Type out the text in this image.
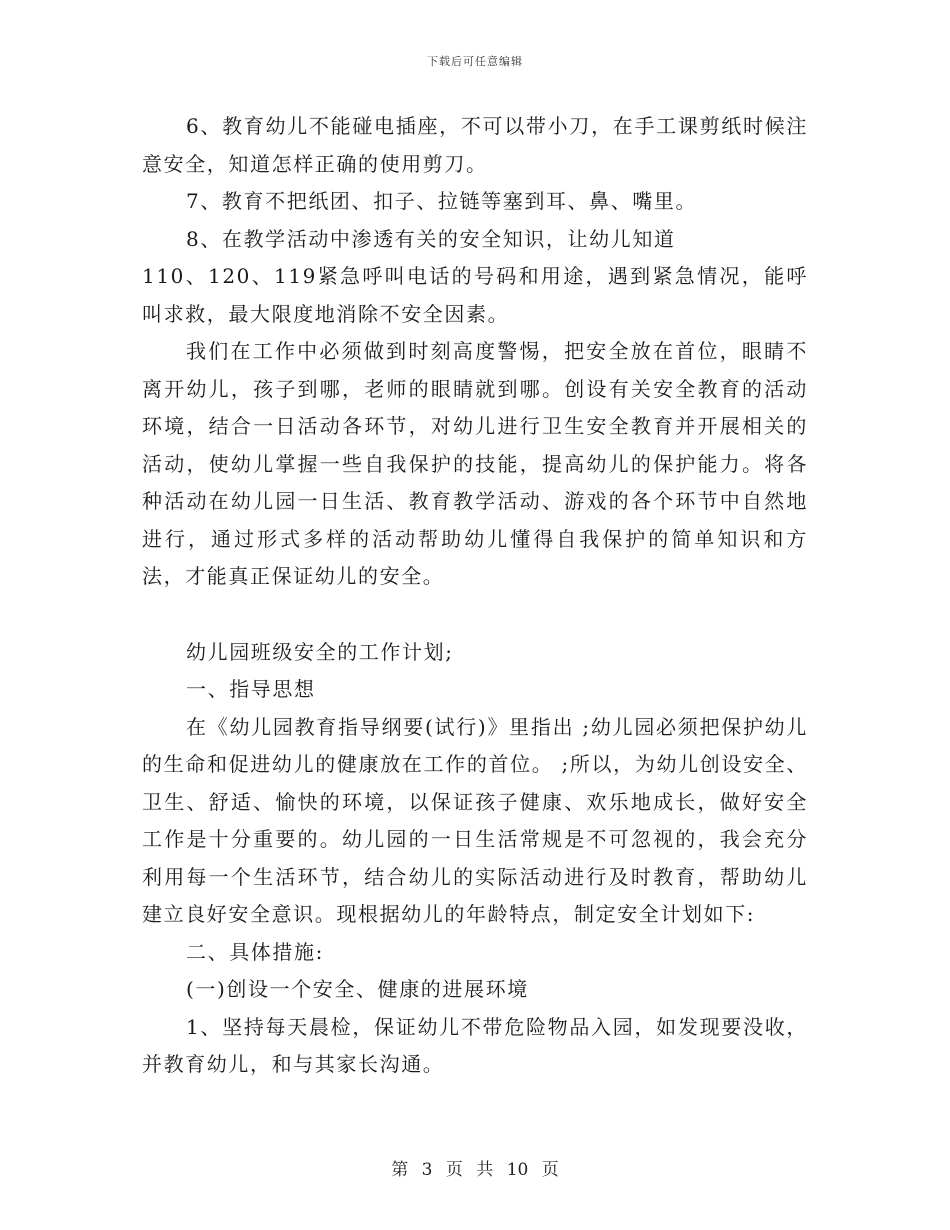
下载后可任意编辑

6、教育幼儿不能碰电插座，不可以带小刀，在手工课剪纸时候注意安全，知道怎样正确的使用剪刀。

7、教育不把纸团、扣子、拉链等塞到耳、鼻、嘴里。

8、在教学活动中渗透有关的安全知识，让幼儿知道

110、120、119紧急呼叫电话的号码和用途，遇到紧急情况，能呼叫求救，最大限度地消除不安全因素。

我们在工作中必须做到时刻高度警惕，把安全放在首位，眼睛不离开幼儿，孩子到哪，老师的眼睛就到哪。创设有关安全教育的活动环境，结合一日活动各环节，对幼儿进行卫生安全教育并开展相关的活动，使幼儿掌握一些自我保护的技能，提高幼儿的保护能力。将各种活动在幼儿园一日生活、教育教学活动、游戏的各个环节中自然地进行，通过形式多样的活动帮助幼儿懂得自我保护的简单知识和方法，才能真正保证幼儿的安全。

幼儿园班级安全的工作计划;

一、指导思想

在《幼儿园教育指导纲要(试行)》里指出 ;幼儿园必须把保护幼儿的生命和促进幼儿的健康放在工作的首位。 ;所以，为幼儿创设安全、卫生、舒适、愉快的环境，以保证孩子健康、欢乐地成长，做好安全工作是十分重要的。幼儿园的一日生活常规是不可忽视的，我会充分利用每一个生活环节，结合幼儿的实际活动进行及时教育，帮助幼儿建立良好安全意识。现根据幼儿的年龄特点，制定安全计划如下:

二、具体措施:

(一)创设一个安全、健康的进展环境

1、坚持每天晨检，保证幼儿不带危险物品入园，如发现要没收，并教育幼儿，和与其家长沟通。

第 3 页 共 10 页
